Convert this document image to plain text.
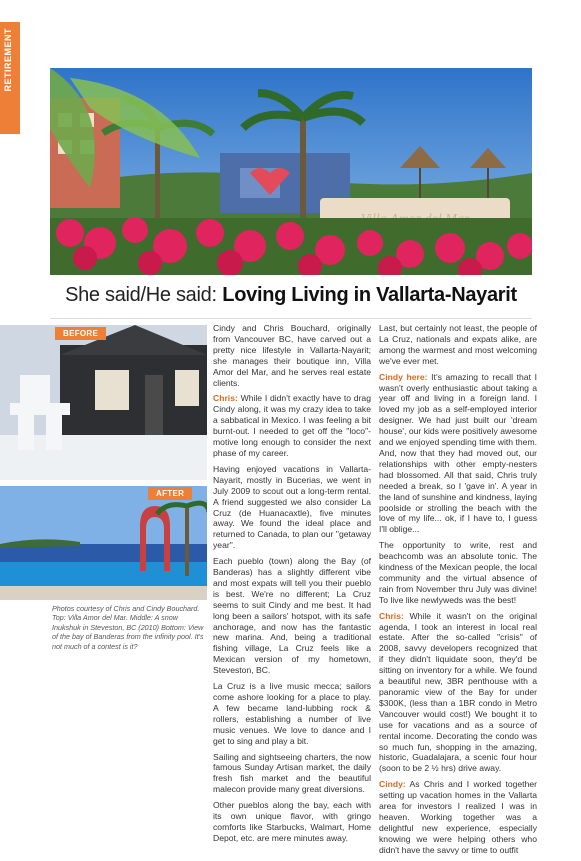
RETIREMENT
She said/He said: Loving Living in Vallarta-Nayarit
BEFORE
AFTER
Photos courtesy of Chris and Cindy Bouchard. Top: Villa Amor del Mar. Middle: A snow Inukshuk in Steveston, BC (2010) Bottom: View of the bay of Banderas from the infinity pool. It's not much of a contest is it?

Cindy and Chris Bouchard, originally from Vancouver BC, have carved out a pretty nice lifestyle in Vallarta-Nayarit; she manages their boutique inn, Villa Amor del Mar, and he serves real estate clients.

Chris: While I didn't exactly have to drag Cindy along, it was my crazy idea to take a sabbatical in Mexico. I was feeling a bit burnt-out. I needed to get off the "loco"- motive long enough to consider the next phase of my career.

Having enjoyed vacations in Vallarta-Nayarit, mostly in Bucerias, we went in July 2009 to scout out a long-term rental. A friend suggested we also consider La Cruz (de Huanacaxtle), five minutes away. We found the ideal place and returned to Canada, to plan our "getaway year".

Each pueblo (town) along the Bay (of Banderas) has a slightly different vibe and most expats will tell you their pueblo is best. We're no different; La Cruz seems to suit Cindy and me best. It had long been a sailors' hotspot, with its safe anchorage, and now has the fantastic new marina. And, being a traditional fishing village, La Cruz feels like a Mexican version of my hometown, Steveston, BC.

La Cruz is a live music mecca; sailors come ashore looking for a place to play. A few became land-lubbing rock & rollers, establishing a number of live music venues. We love to dance and I get to sing and play a bit.

Sailing and sightseeing charters, the now famous Sunday Artisan market, the daily fresh fish market and the beautiful malecon provide many great diversions.

Other pueblos along the bay, each with its own unique flavor, with gringo comforts like Starbucks, Walmart, Home Depot, etc. are mere minutes away.

Last, but certainly not least, the people of La Cruz, nationals and expats alike, are among the warmest and most welcoming we've ever met.

Cindy here: It's amazing to recall that I wasn't overly enthusiastic about taking a year off and living in a foreign land. I loved my job as a self-employed interior designer. We had just built our 'dream house', our kids were positively awesome and we enjoyed spending time with them. And, now that they had moved out, our relationships with other empty-nesters had blossomed. All that said, Chris truly needed a break, so I 'gave in'. A year in the land of sunshine and kindness, laying poolside or strolling the beach with the love of my life... ok, if I have to, I guess I'll oblige...

The opportunity to write, rest and beachcomb was an absolute tonic. The kindness of the Mexican people, the local community and the virtual absence of rain from November thru July was divine! To live like newlyweds was the best!

Chris: While it wasn't on the original agenda, I took an interest in local real estate. After the so-called "crisis" of 2008, savvy developers recognized that if they didn't liquidate soon, they'd be sitting on inventory for a while. We found a beautiful new, 3BR penthouse with a panoramic view of the Bay for under $300K, (less than a 1BR condo in Metro Vancouver would cost!) We bought it to use for vacations and as a source of rental income. Decorating the condo was so much fun, shopping in the amazing, historic, Guadalajara, a scenic four hour (soon to be 2 ½ hrs) drive away.

Cindy: As Chris and I worked together setting up vacation homes in the Vallarta area for investors I realized I was in heaven. Working together was a delightful new experience, especially knowing we were helping others who didn't have the savvy or time to outfit
